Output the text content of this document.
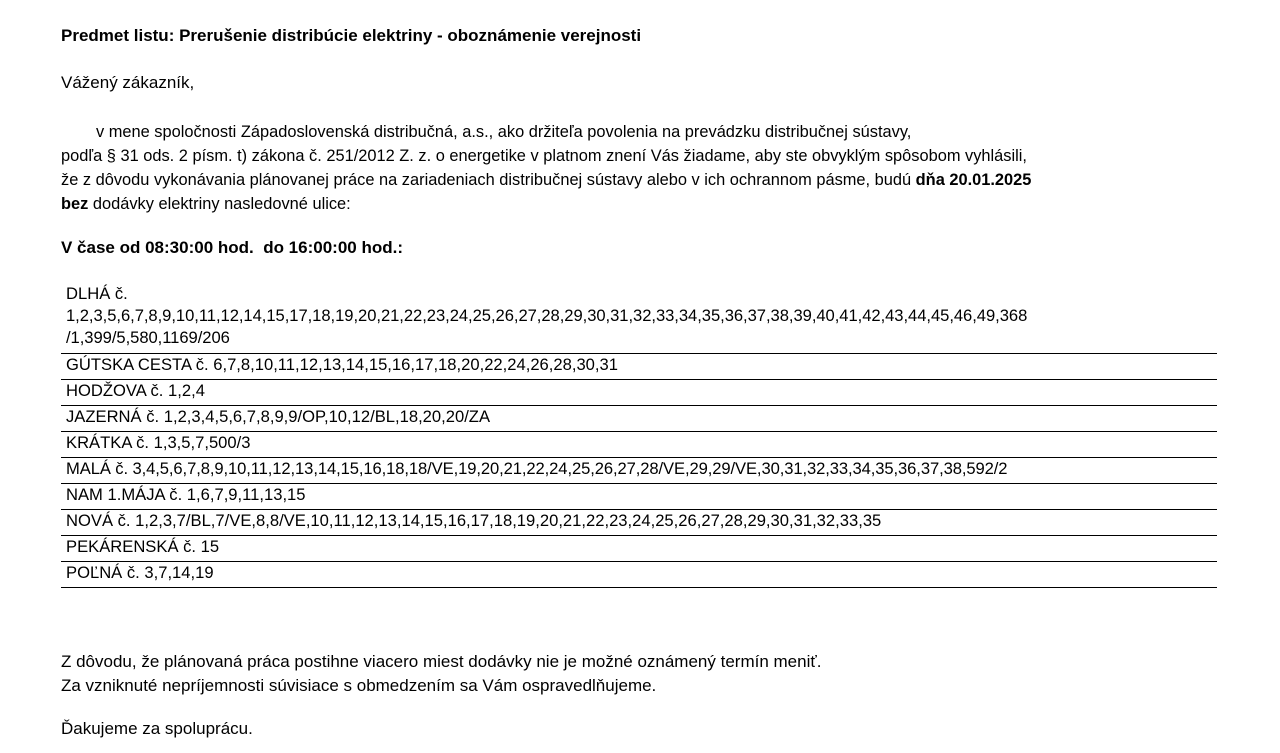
Predmet listu: Prerušenie distribúcie elektriny - oboznámenie verejnosti
Vážený zákazník,
v mene spoločnosti Západoslovenská distribučná, a.s., ako držiteľa povolenia na prevádzku distribučnej sústavy,
podľa § 31 ods. 2 písm. t) zákona č. 251/2012 Z. z. o energetike v platnom znení Vás žiadame, aby ste obvyklým spôsobom vyhlásili,
že z dôvodu vykonávania plánovanej práce na zariadeniach distribučnej sústavy alebo v ich ochrannom pásme, budú dňa 20.01.2025
bez dodávky elektriny nasledovné ulice:
V čase od 08:30:00 hod.  do 16:00:00 hod.:
DLHÁ č.
1,2,3,5,6,7,8,9,10,11,12,14,15,17,18,19,20,21,22,23,24,25,26,27,28,29,30,31,32,33,34,35,36,37,38,39,40,41,42,43,44,45,46,49,368
/1,399/5,580,1169/206
GÚTSKA CESTA č. 6,7,8,10,11,12,13,14,15,16,17,18,20,22,24,26,28,30,31
HODŽOVA č. 1,2,4
JAZERNÁ č. 1,2,3,4,5,6,7,8,9,9/OP,10,12/BL,18,20,20/ZA
KRÁTKA č. 1,3,5,7,500/3
MALÁ č. 3,4,5,6,7,8,9,10,11,12,13,14,15,16,18,18/VE,19,20,21,22,24,25,26,27,28/VE,29,29/VE,30,31,32,33,34,35,36,37,38,592/2
NAM 1.MÁJA č. 1,6,7,9,11,13,15
NOVÁ č. 1,2,3,7/BL,7/VE,8,8/VE,10,11,12,13,14,15,16,17,18,19,20,21,22,23,24,25,26,27,28,29,30,31,32,33,35
PEKÁRENSKÁ č. 15
POĽNÁ č. 3,7,14,19
Z dôvodu, že plánovaná práca postihne viacero miest dodávky nie je možné oznámený termín meniť.
Za vzniknuté nepríjemnosti súvisiace s obmedzením sa Vám ospravedlňujeme.
Ďakujeme za spoluprácu.
